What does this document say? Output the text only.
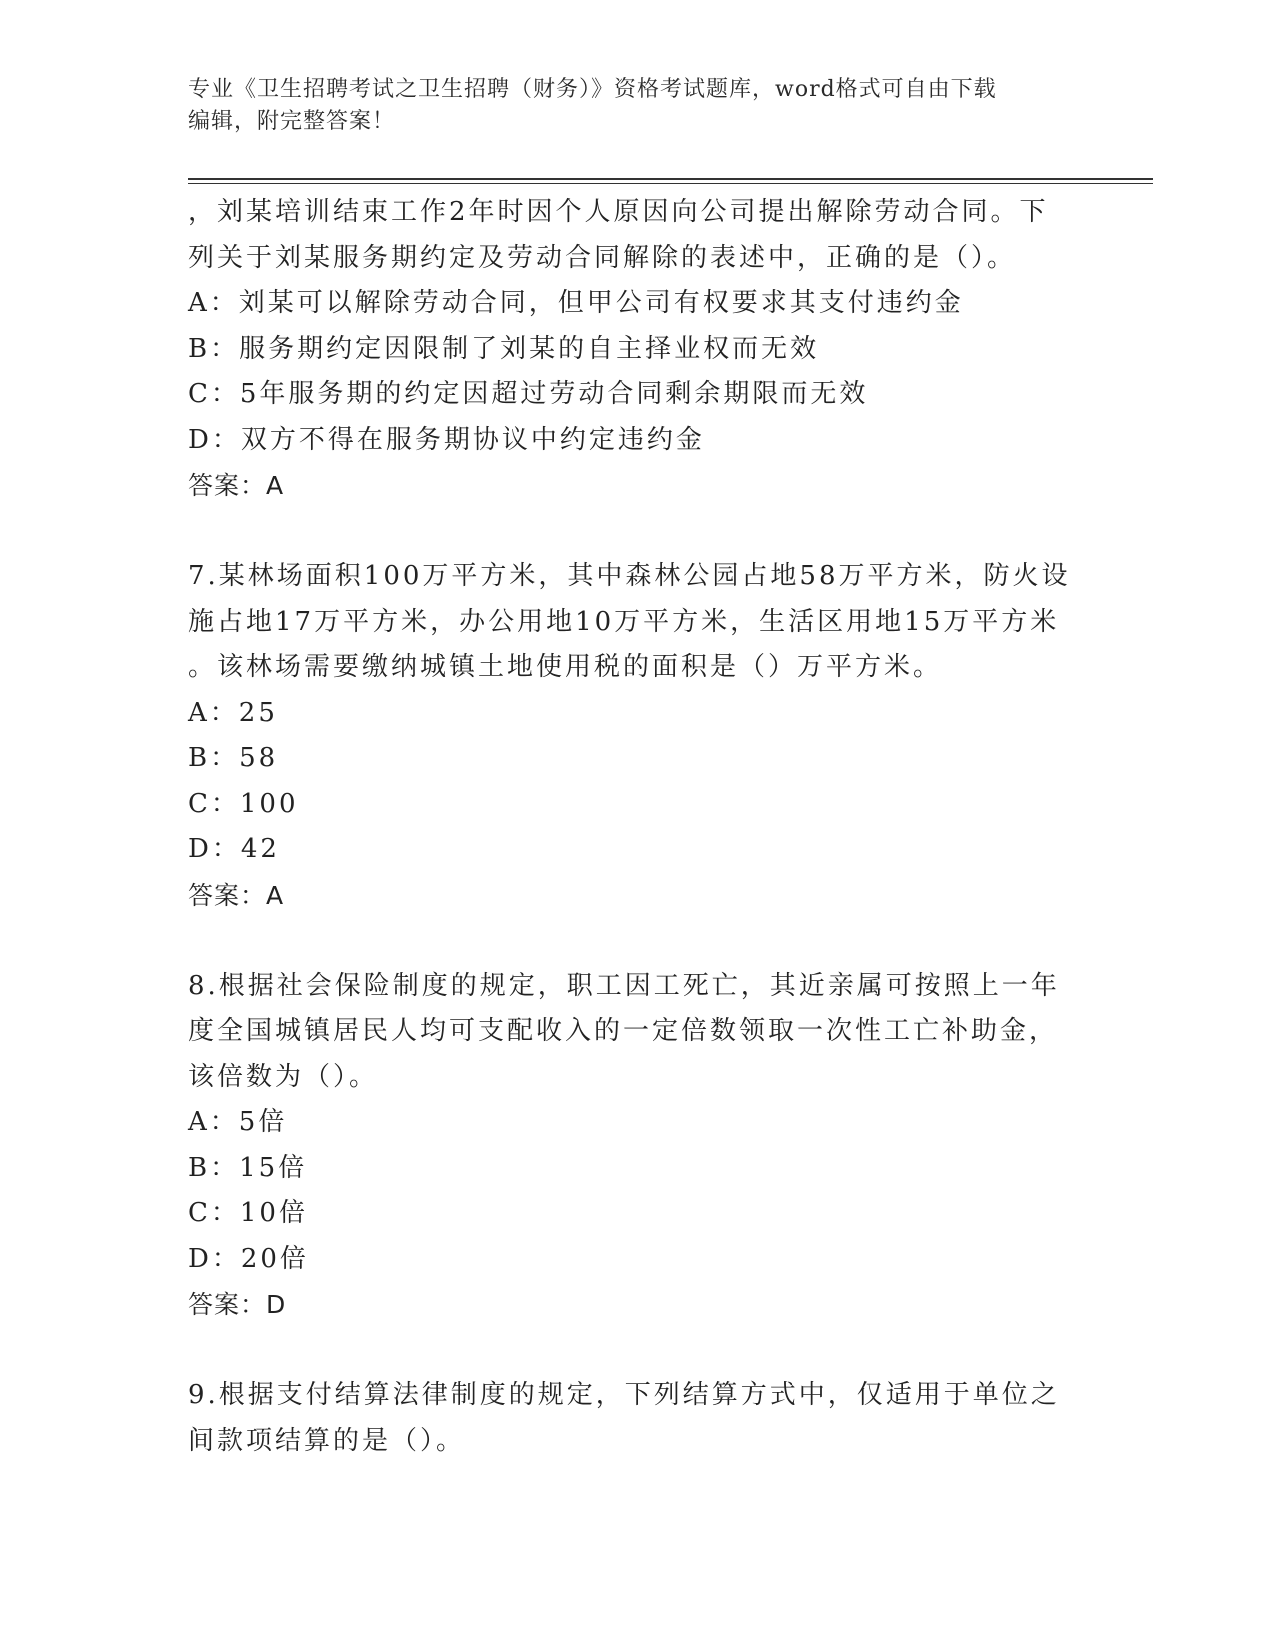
专业《卫生招聘考试之卫生招聘（财务）》资格考试题库，word格式可自由下载
编辑，附完整答案！
，刘某培训结束工作2年时因个人原因向公司提出解除劳动合同。下
列关于刘某服务期约定及劳动合同解除的表述中，正确的是（）。
A：刘某可以解除劳动合同，但甲公司有权要求其支付违约金
B：服务期约定因限制了刘某的自主择业权而无效
C：5年服务期的约定因超过劳动合同剩余期限而无效
D：双方不得在服务期协议中约定违约金
答案：A
7.某林场面积100万平方米，其中森林公园占地58万平方米，防火设
施占地17万平方米，办公用地10万平方米，生活区用地15万平方米
。该林场需要缴纳城镇土地使用税的面积是（）万平方米。
A：25
B：58
C：100
D：42
答案：A
8.根据社会保险制度的规定，职工因工死亡，其近亲属可按照上一年
度全国城镇居民人均可支配收入的一定倍数领取一次性工亡补助金，
该倍数为（）。
A：5倍
B：15倍
C：10倍
D：20倍
答案：D
9.根据支付结算法律制度的规定，下列结算方式中，仅适用于单位之
间款项结算的是（）。
